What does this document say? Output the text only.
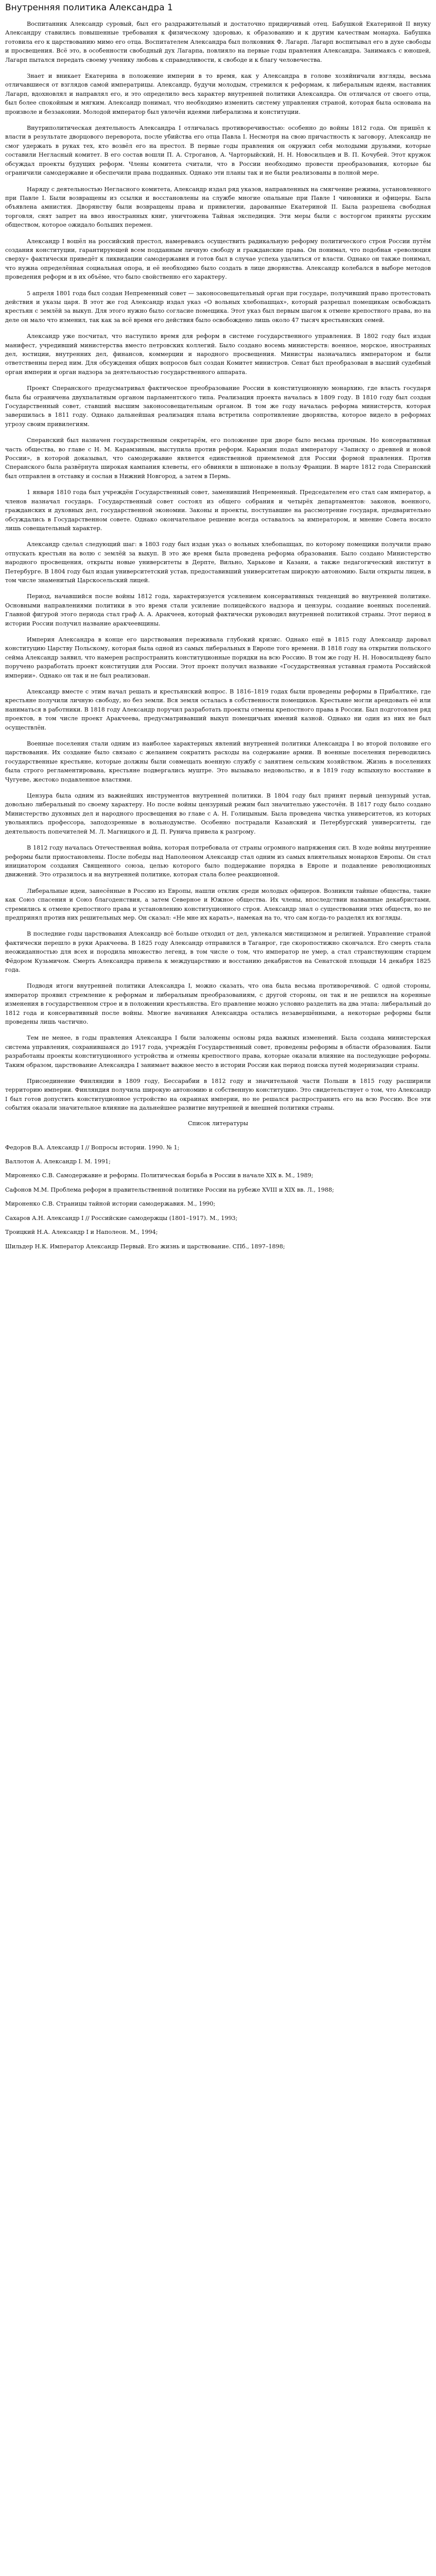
Внутренняя политика Александра 1

Воспитанник Александр суровый, был его раздражительный и достаточно придирчивый отец. Бабушкой Екатериной II внуку Александру ставились повышенные требования к физическому здоровью, к образованию и к другим качествам монарха. Бабушка готовила его к царствованию мимо его отца. Воспитателем Александра был полковник Ф. Лагарп. Лагарп воспитывал его в духе свободы и просвещения. Всё это, в особенности свободный дух Лагарпа, повлияло на первые годы правления Александра. Занимаясь с юношей, Лагарп пытался передать своему ученику любовь к справедливости, к свободе и к благу человечества.

Знает и вникает Екатерина в положение империи в то время, как у Александра в голове хозяйничали взгляды, весьма отличавшиеся от взглядов самой императрицы. Александр, будучи молодым, стремился к реформам, к либеральным идеям, наставник Лагарп, вдохновлял и направлял его, и это определило весь характер внутренней политики Александра. Он отличался от своего отца, был более спокойным и мягким. Александр понимал, что необходимо изменить систему управления страной, которая была основана на произволе и беззаконии. Молодой император был увлечён идеями либерализма и конституции.

Внутриполитическая деятельность Александра I отличалась противоречивостью: особенно до войны 1812 года. Он пришёл к власти в результате дворцового переворота, после убийства его отца Павла I. Несмотря на свою причастность к заговору, Александр не смог удержать в руках тех, кто возвёл его на престол. В первые годы правления он окружил себя молодыми друзьями, которые составили Негласный комитет. В его состав вошли П. А. Строганов, А. Чарторыйский, Н. Н. Новосильцев и В. П. Кочубей. Этот кружок обсуждал проекты будущих реформ. Члены комитета считали, что в России необходимо провести преобразования, которые бы ограничили самодержавие и обеспечили права подданных. Однако эти планы так и не были реализованы в полной мере.

Наряду с деятельностью Негласного комитета, Александр издал ряд указов, направленных на смягчение режима, установленного при Павле I. Были возвращены из ссылки и восстановлены на службе многие опальные при Павле I чиновники и офицеры. Была объявлена амнистия. Дворянству были возвращены права и привилегии, дарованные Екатериной II. Была разрешена свободная торговля, снят запрет на ввоз иностранных книг, уничтожена Тайная экспедиция. Эти меры были с восторгом приняты русским обществом, которое ожидало больших перемен.

Александр I вошёл на российский престол, намереваясь осуществить радикальную реформу политического строя России путём создания конституции, гарантирующей всем подданным личную свободу и гражданские права. Он понимал, что подобная «революция сверху» фактически приведёт к ликвидации самодержавия и готов был в случае успеха удалиться от власти. Однако он также понимал, что нужна определённая социальная опора, и её необходимо было создать в лице дворянства. Александр колебался в выборе методов проведения реформ и в их объёме, что было свойственно его характеру.

5 апреля 1801 года был создан Непременный совет — законосовещательный орган при государе, получивший право протестовать действия и указы царя. В этот же год Александр издал указ «О вольных хлебопашцах», который разрешал помещикам освобождать крестьян с землёй за выкуп. Для этого нужно было согласие помещика. Этот указ был первым шагом к отмене крепостного права, но на деле он мало что изменил, так как за всё время его действия было освобождено лишь около 47 тысяч крестьянских семей.

Александр уже посчитал, что наступило время для реформ в системе государственного управления. В 1802 году был издан манифест, учредивший министерства вместо петровских коллегий. Было создано восемь министерств: военное, морское, иностранных дел, юстиции, внутренних дел, финансов, коммерции и народного просвещения. Министры назначались императором и были ответственны перед ним. Для обсуждения общих вопросов был создан Комитет министров. Сенат был преобразован в высший судебный орган империи и орган надзора за деятельностью государственного аппарата.

Проект Сперанского предусматривал фактическое преобразование России в конституционную монархию, где власть государя была бы ограничена двухпалатным органом парламентского типа. Реализация проекта началась в 1809 году. В 1810 году был создан Государственный совет, ставший высшим законосовещательным органом. В том же году началась реформа министерств, которая завершилась в 1811 году. Однако дальнейшая реализация плана встретила сопротивление дворянства, которое видело в реформах угрозу своим привилегиям.

Сперанский был назначен государственным секретарём, его положение при дворе было весьма прочным. Но консервативная часть общества, во главе с Н. М. Карамзиным, выступила против реформ. Карамзин подал императору «Записку о древней и новой России», в которой доказывал, что самодержавие является единственной приемлемой для России формой правления. Против Сперанского была развёрнута широкая кампания клеветы, его обвиняли в шпионаже в пользу Франции. В марте 1812 года Сперанский был отправлен в отставку и сослан в Нижний Новгород, а затем в Пермь.

1 января 1810 года был учреждён Государственный совет, заменивший Непременный. Председателем его стал сам император, а членов назначал государь. Государственный совет состоял из общего собрания и четырёх департаментов: законов, военного, гражданских и духовных дел, государственной экономии. Законы и проекты, поступавшие на рассмотрение государя, предварительно обсуждались в Государственном совете. Однако окончательное решение всегда оставалось за императором, и мнение Совета носило лишь совещательный характер.

Александр сделал следующий шаг: в 1803 году был издан указ о вольных хлебопашцах, по которому помещики получили право отпускать крестьян на волю с землёй за выкуп. В это же время была проведена реформа образования. Было создано Министерство народного просвещения, открыты новые университеты в Дерпте, Вильно, Харькове и Казани, а также педагогический институт в Петербурге. В 1804 году был издан университетский устав, предоставивший университетам широкую автономию. Были открыты лицеи, в том числе знаменитый Царскосельский лицей.

Период, начавшийся после войны 1812 года, характеризуется усилением консервативных тенденций во внутренней политике. Основными направлениями политики в это время стали усиление полицейского надзора и цензуры, создание военных поселений. Главной фигурой этого периода стал граф А. А. Аракчеев, который фактически руководил внутренней политикой страны. Этот период в истории России получил название аракчеевщины.

Империя Александра в конце его царствования переживала глубокий кризис. Однако ещё в 1815 году Александр даровал конституцию Царству Польскому, которая была одной из самых либеральных в Европе того времени. В 1818 году на открытии польского сейма Александр заявил, что намерен распространить конституционные порядки на всю Россию. В том же году Н. Н. Новосильцеву было поручено разработать проект конституции для России. Этот проект получил название «Государственная уставная грамота Российской империи». Однако он так и не был реализован.

Александр вместе с этим начал решать и крестьянский вопрос. В 1816–1819 годах были проведены реформы в Прибалтике, где крестьяне получили личную свободу, но без земли. Вся земля осталась в собственности помещиков. Крестьяне могли арендовать её или наниматься в работники. В 1818 году Александр поручил разработать проекты отмены крепостного права в России. Был подготовлен ряд проектов, в том числе проект Аракчеева, предусматривавший выкуп помещичьих имений казной. Однако ни один из них не был осуществлён.

Военные поселения стали одним из наиболее характерных явлений внутренней политики Александра I во второй половине его царствования. Их создание было связано с желанием сократить расходы на содержание армии. В военные поселения переводились государственные крестьяне, которые должны были совмещать военную службу с занятием сельским хозяйством. Жизнь в поселениях была строго регламентирована, крестьяне подвергались муштре. Это вызывало недовольство, и в 1819 году вспыхнуло восстание в Чугуеве, жестоко подавленное властями.

Цензура была одним из важнейших инструментов внутренней политики. В 1804 году был принят первый цензурный устав, довольно либеральный по своему характеру. Но после войны цензурный режим был значительно ужесточён. В 1817 году было создано Министерство духовных дел и народного просвещения во главе с А. Н. Голицыным. Была проведена чистка университетов, из которых увольнялись профессора, заподозренные в вольнодумстве. Особенно пострадали Казанский и Петербургский университеты, где деятельность попечителей М. Л. Магницкого и Д. П. Рунича привела к разгрому.

В 1812 году началась Отечественная война, которая потребовала от страны огромного напряжения сил. В ходе войны внутренние реформы были приостановлены. После победы над Наполеоном Александр стал одним из самых влиятельных монархов Европы. Он стал инициатором создания Священного союза, целью которого было поддержание порядка в Европе и подавление революционных движений. Это отразилось и на внутренней политике, которая стала более реакционной.

Либеральные идеи, занесённые в Россию из Европы, нашли отклик среди молодых офицеров. Возникли тайные общества, такие как Союз спасения и Союз благоденствия, а затем Северное и Южное общества. Их члены, впоследствии названные декабристами, стремились к отмене крепостного права и установлению конституционного строя. Александр знал о существовании этих обществ, но не предпринял против них решительных мер. Он сказал: «Не мне их карать», намекая на то, что сам когда-то разделял их взгляды.

В последние годы царствования Александр всё больше отходил от дел, увлекался мистицизмом и религией. Управление страной фактически перешло в руки Аракчеева. В 1825 году Александр отправился в Таганрог, где скоропостижно скончался. Его смерть стала неожиданностью для всех и породила множество легенд, в том числе о том, что император не умер, а стал странствующим старцем Фёдором Кузьмичом. Смерть Александра привела к междуцарствию и восстанию декабристов на Сенатской площади 14 декабря 1825 года.

Подводя итоги внутренней политики Александра I, можно сказать, что она была весьма противоречивой. С одной стороны, император проявил стремление к реформам и либеральным преобразованиям, с другой стороны, он так и не решился на коренные изменения в государственном строе и в положении крестьянства. Его правление можно условно разделить на два этапа: либеральный до 1812 года и консервативный после войны. Многие начинания Александра остались незавершёнными, а некоторые реформы были проведены лишь частично.

Тем не менее, в годы правления Александра I были заложены основы ряда важных изменений. Была создана министерская система управления, сохранившаяся до 1917 года, учреждён Государственный совет, проведены реформы в области образования. Были разработаны проекты конституционного устройства и отмены крепостного права, которые оказали влияние на последующие реформы. Таким образом, царствование Александра I занимает важное место в истории России как период поиска путей модернизации страны.

Присоединение Финляндии в 1809 году, Бессарабии в 1812 году и значительной части Польши в 1815 году расширили территорию империи. Финляндия получила широкую автономию и собственную конституцию. Это свидетельствует о том, что Александр I был готов допустить конституционное устройство на окраинах империи, но не решался распространить его на всю Россию. Все эти события оказали значительное влияние на дальнейшее развитие внутренней и внешней политики страны.

Список литературы

Федоров В.А. Александр I // Вопросы истории. 1990. № 1;

Валлотон А. Александр I. М. 1991;

Мироненко С.В. Самодержавие и реформы. Политическая борьба в России в начале XIX в. М., 1989;

Сафонов М.М. Проблема реформ в правительственной политике России на рубеже XVIII и XIX вв. Л., 1988;

Мироненко С.В. Страницы тайной истории самодержавия. М., 1990;

Сахаров А.Н. Александр I // Российские самодержцы (1801–1917). М., 1993;

Троицкий Н.А. Александр I и Наполеон. М., 1994;

Шильдер Н.К. Император Александр Первый. Его жизнь и царствование. СПб., 1897–1898;
